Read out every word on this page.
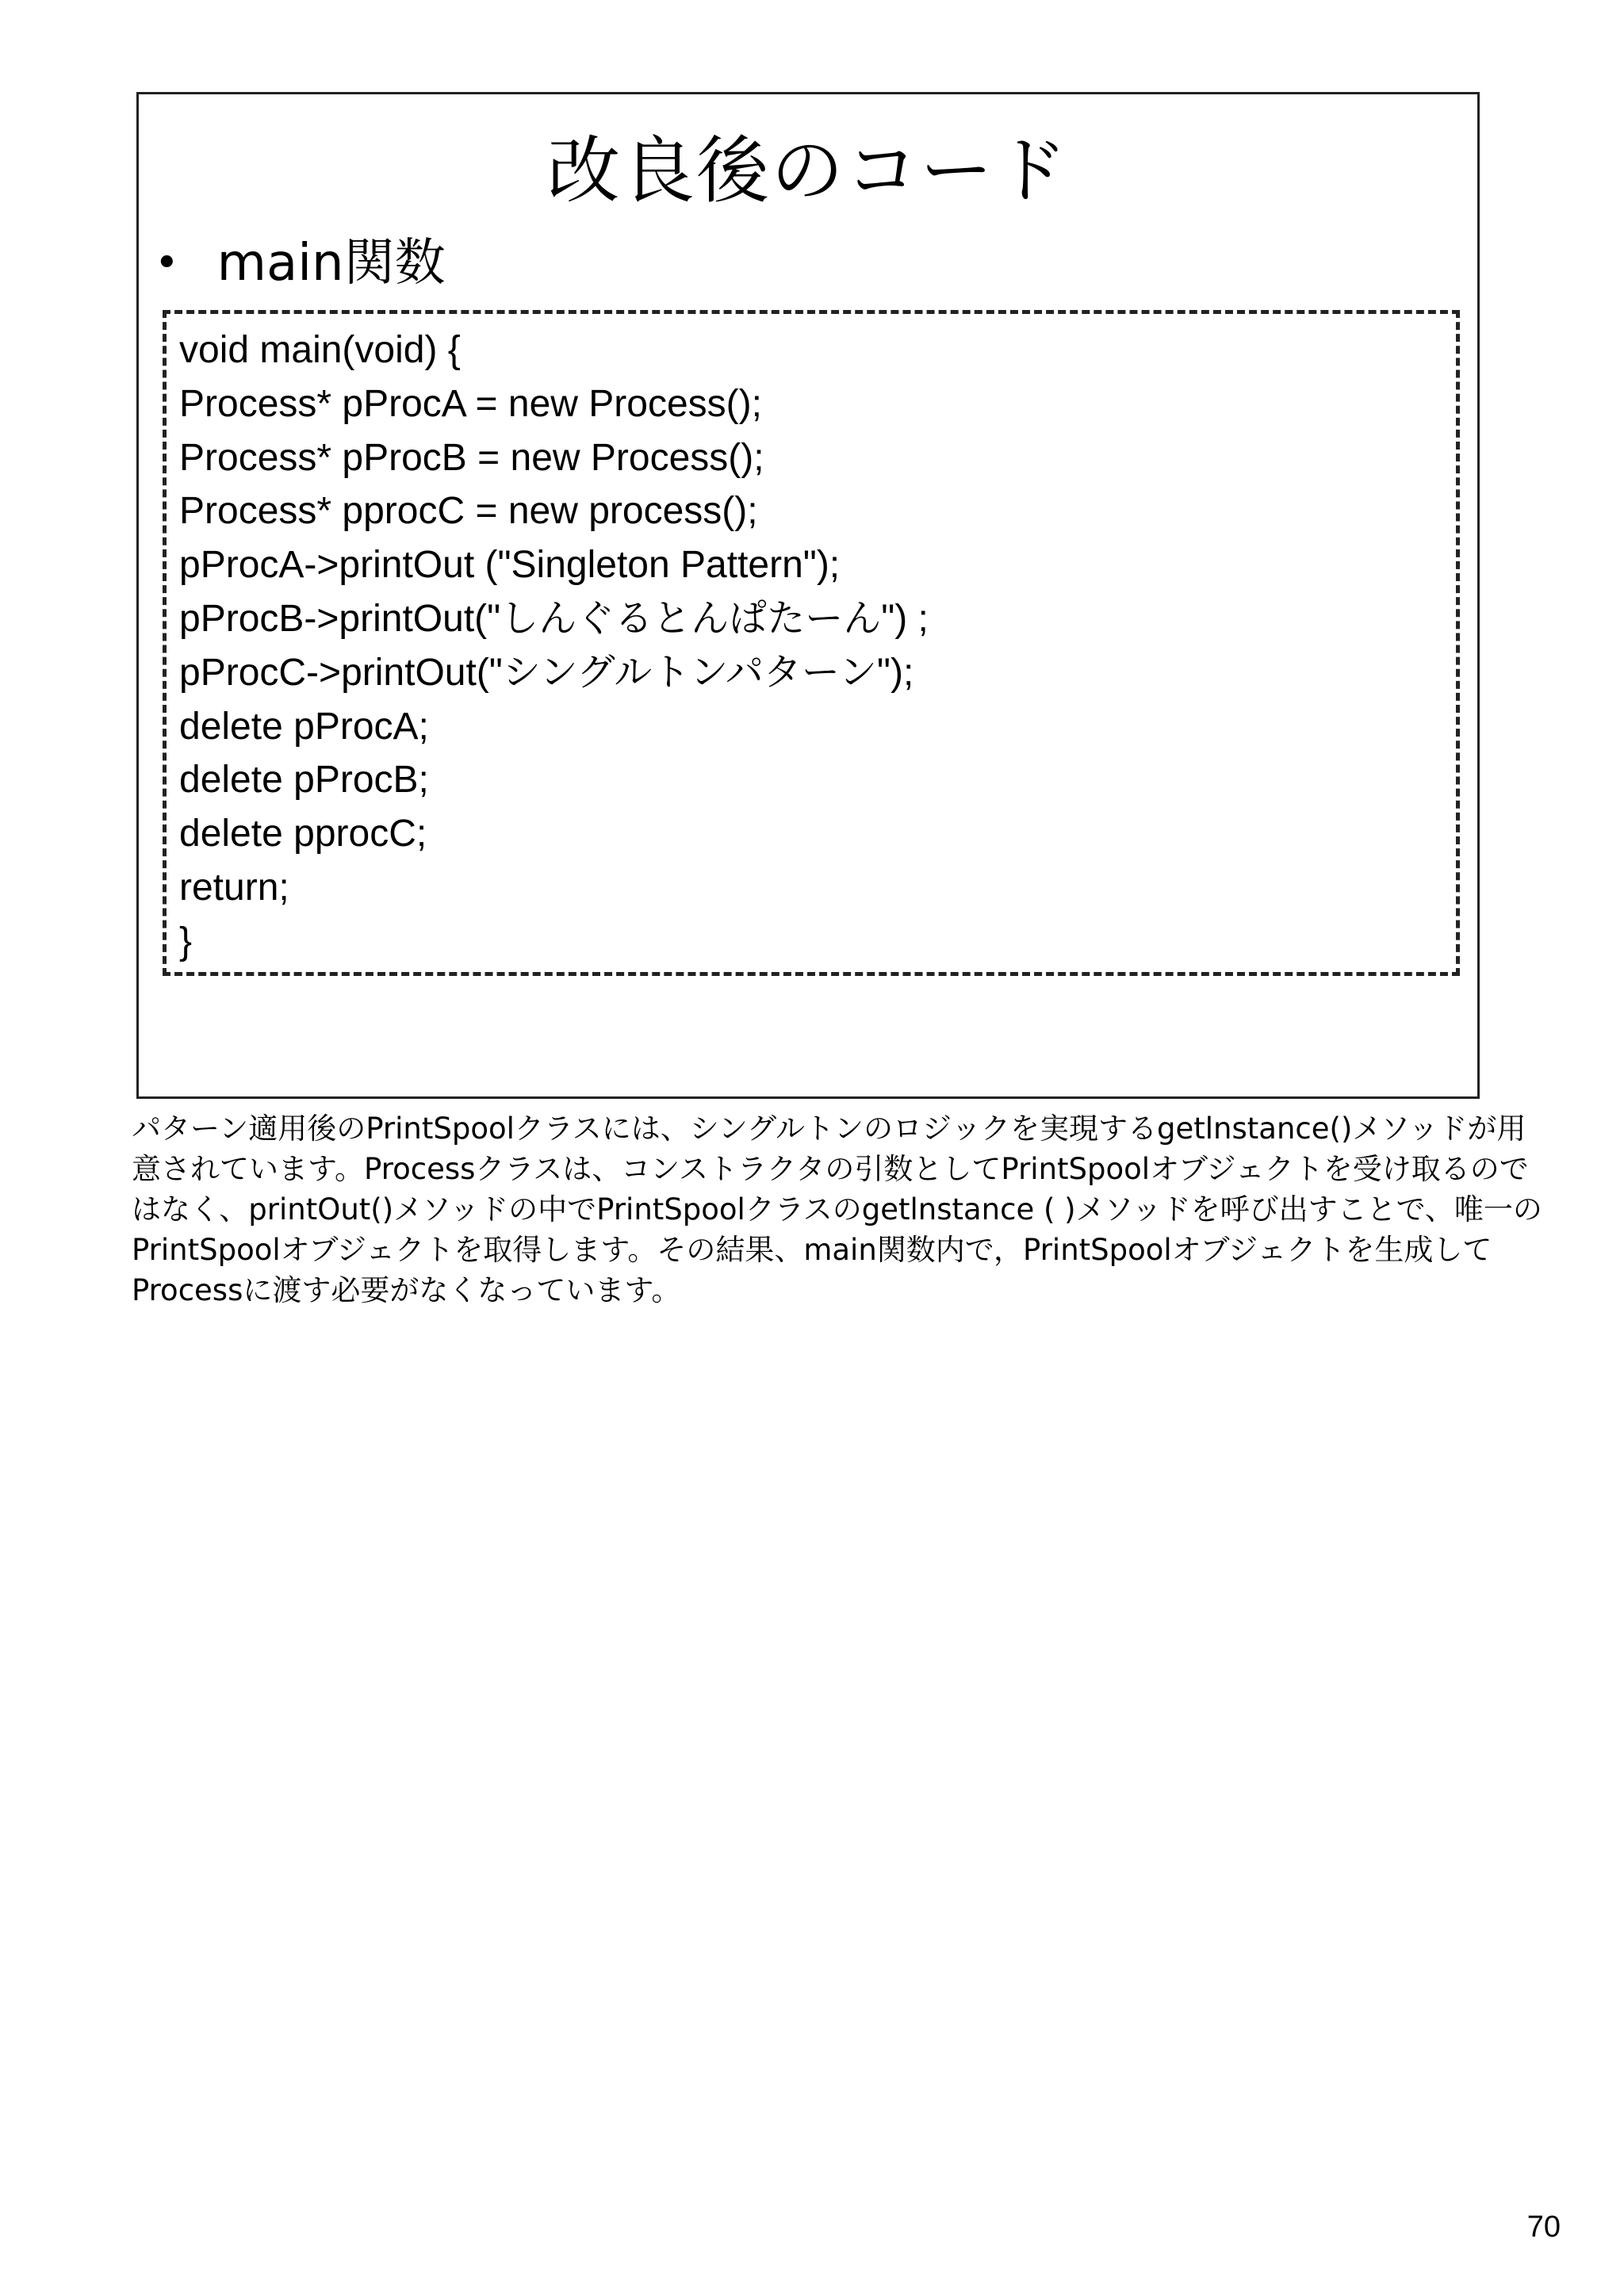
改良後のコード
• main関数
void main(void) {
Process* pProcA = new Process();
Process* pProcB = new Process();
Process* pprocC = new process();
pProcA->printOut ("Singleton Pattern");
pProcB->printOut("しんぐるとんぱたーん") ;
pProcC->printOut("シングルトンパターン");
delete pProcA;
delete pProcB;
delete pprocC;
return;
}
パターン適用後のPrintSpoolクラスには、シングルトンのロジックを実現するgetlnstance()メソッドが用
意されています。Processクラスは、コンストラクタの引数としてPrintSpoolオブジェクトを受け取るので
はなく、printOut()メソッドの中でPrintSpoolクラスのgetlnstance ( )メソッドを呼び出すことで、唯一の
PrintSpoolオブジェクトを取得します。その結果、main関数内で，PrintSpoolオブジェクトを生成して
Processに渡す必要がなくなっています。
70
